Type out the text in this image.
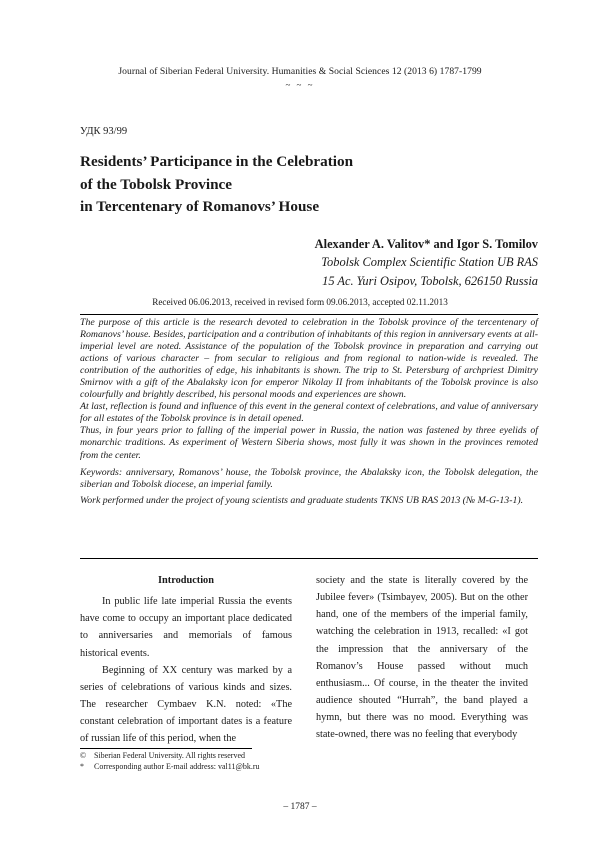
Journal of Siberian Federal University. Humanities & Social Sciences 12 (2013 6) 1787-1799
~ ~ ~
УДК 93/99
Residents’ Participance in the Celebration
of the Tobolsk Province
in Tercentenary of Romanovs’ House
Alexander A. Valitov* and Igor S. Tomilov
Tobolsk Complex Scientific Station UB RAS
15 Ac. Yuri Osipov, Tobolsk, 626150 Russia
Received 06.06.2013, received in revised form 09.06.2013, accepted 02.11.2013

The purpose of this article is the research devoted to celebration in the Tobolsk province of the tercentenary of Romanovs’ house. Besides, participation and a contribution of inhabitants of this region in anniversary events at all-imperial level are noted. Assistance of the population of the Tobolsk province in preparation and carrying out actions of various character – from secular to religious and from regional to nation-wide is revealed. The contribution of the authorities of edge, his inhabitants is shown. The trip to St. Petersburg of archpriest Dimitry Smirnov with a gift of the Abalaksky icon for emperor Nikolay II from inhabitants of the Tobolsk province is also colourfully and brightly described, his personal moods and experiences are shown.

At last, reflection is found and influence of this event in the general context of celebrations, and value of anniversary for all estates of the Tobolsk province is in detail opened.

Thus, in four years prior to falling of the imperial power in Russia, the nation was fastened by three eyelids of monarchic traditions. As experiment of Western Siberia shows, most fully it was shown in the provinces remoted from the center.

Keywords: anniversary, Romanovs’ house, the Tobolsk province, the Abalaksky icon, the Tobolsk delegation, the siberian and Tobolsk diocese, an imperial family.

Work performed under the project of young scientists and graduate students TKNS UB RAS 2013 (№ M-G-13-1).

Introduction

In public life late imperial Russia the events have come to occupy an important place dedicated to anniversaries and memorials of famous historical events.

Beginning of XX century was marked by a series of celebrations of various kinds and sizes. The researcher Cymbaev K.N. noted: «The constant celebration of important dates is a feature of russian life of this period, when the

society and the state is literally covered by the Jubilee fever» (Tsimbayev, 2005). But on the other hand, one of the members of the imperial family, watching the celebration in 1913, recalled: «I got the impression that the anniversary of the Romanov’s House passed without much enthusiasm... Of course, in the theater the invited audience shouted “Hurrah”, the band played a hymn, but there was no mood. Everything was state-owned, there was no feeling that everybody

© Siberian Federal University. All rights reserved
* Corresponding author E-mail address: val11@bk.ru
– 1787 –
